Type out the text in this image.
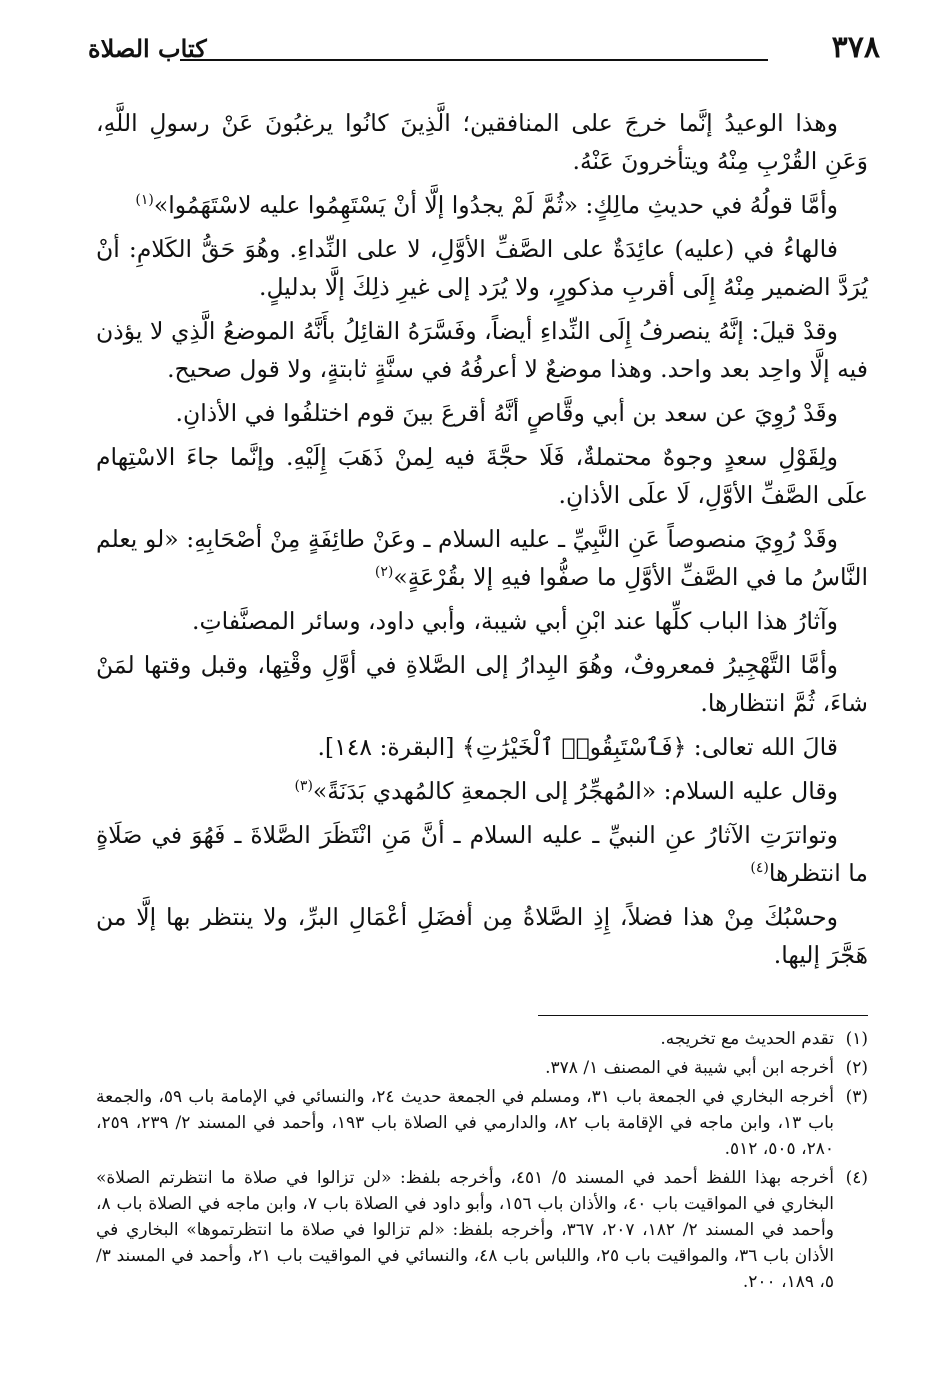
٣٧٨
كتاب الصلاة

وهذا الوعيدُ إنَّما خرجَ على المنافقين؛ الَّذِينَ كانُوا يرغبُونَ عَنْ رسولِ اللَّهِ، وَعَنِ القُرْبِ مِنْهُ ويتأخرونَ عَنْهُ.

وأمَّا قولُهُ في حديثِ مالِكٍ: «ثُمَّ لَمْ يجدُوا إلَّا أنْ يَسْتَهِمُوا عليه لاسْتَهَمُوا»$^{(١)}$

فالهاءُ في (عليه) عائِدَةٌ على الصَّفِّ الأوَّلِ، لا على النِّداءِ. وهُوَ حَقُّ الكَلامِ: أنْ يُرَدَّ الضمير مِنْهُ إِلَى أقربِ مذكورٍ، ولا يُرَد إلى غيرِ ذلِكَ إلَّا بدليلٍ.

وقدْ قيلَ: إنَّهُ ينصرفُ إِلَى النِّداءِ أيضاً، وفَسَّرَهُ القائِلُ بأَنَّهُ الموضعُ الَّذِي لا يؤذن فيه إلَّا واحِد بعد واحد. وهذا موضعٌ لا أعرفُهُ في سنَّةٍ ثابتةٍ، ولا قول صحيح.

وقَدْ رُوِيَ عن سعد بن أبي وقَّاصٍ أنَّهُ أقرعَ بينَ قوم اختلفُوا في الأذانِ.

ولِقَوْلِ سعدٍ وجوهٌ محتملةٌ، فَلَا حجَّةَ فيه لِمنْ ذَهَبَ إِلَيْهِ. وإنَّما جاءَ الاسْتِهام علَى الصَّفِّ الأوَّلِ، لَا علَى الأذانِ.

وقَدْ رُوِيَ منصوصاً عَنِ النَّبِيِّ ـ عليه السلام ـ وعَنْ طائِفَةٍ مِنْ أصْحَابِهِ: «لو يعلم النَّاسُ ما في الصَّفِّ الأوَّلِ ما صفُّوا فيهِ إلا بقُرْعَةٍ»$^{(٢)}$

وآثارُ هذا الباب كلِّها عند ابْنِ أبي شيبة، وأبي داود، وسائر المصنَّفاتِ.

وأمَّا التَّهْجِيرُ فمعروفٌ، وهُوَ البِدارُ إلى الصَّلاةِ في أوَّلِ وقْتِها، وقبل وقتها لمَنْ شاءَ، ثُمَّ انتظارها.

قالَ الله تعالى: ﴿فَٱسْتَبِقُوا۟ ٱلْخَيْرَٰتِ﴾ [البقرة: ١٤٨].

وقال عليه السلام: «المُهجِّرُ إلى الجمعةِ كالمُهدي بَدَنَةً»$^{(٣)}$

وتواترَتِ الآثارُ عنِ النبيِّ ـ عليه السلام ـ أنَّ مَنِ انْتَظَرَ الصَّلاةَ ـ فَهُوَ في صَلَاةٍ ما انتظرها$^{(٤)}$

وحسْبُكَ مِنْ هذا فضلاً، إِذِ الصَّلاةُ مِن أفضَلِ أعْمَالِ البرِّ، ولا ينتظر بها إلَّا من هَجَّرَ إليها.

(١)
تقدم الحديث مع تخريجه.

(٢)
أخرجه ابن أبي شيبة في المصنف ١/ ٣٧٨.

(٣)
أخرجه البخاري في الجمعة باب ٣١، ومسلم في الجمعة حديث ٢٤، والنسائي في الإمامة باب ٥٩، والجمعة باب ١٣، وابن ماجه في الإقامة باب ٨٢، والدارمي في الصلاة باب ١٩٣، وأحمد في المسند ٢/ ٢٣٩، ٢٥٩، ٢٨٠، ٥٠٥، ٥١٢.

(٤)
أخرجه بهذا اللفظ أحمد في المسند ٥/ ٤٥١، وأخرجه بلفظ: «لن تزالوا في صلاة ما انتظرتم الصلاة» البخاري في المواقيت باب ٤٠، والأذان باب ١٥٦، وأبو داود في الصلاة باب ٧، وابن ماجه في الصلاة باب ٨، وأحمد في المسند ٢/ ١٨٢، ٢٠٧، ٣٦٧، وأخرجه بلفظ: «لم تزالوا في صلاة ما انتظرتموها» البخاري في الأذان باب ٣٦، والمواقيت باب ٢٥، واللباس باب ٤٨، والنسائي في المواقيت باب ٢١، وأحمد في المسند ٣/ ٥، ١٨٩، ٢٠٠.
